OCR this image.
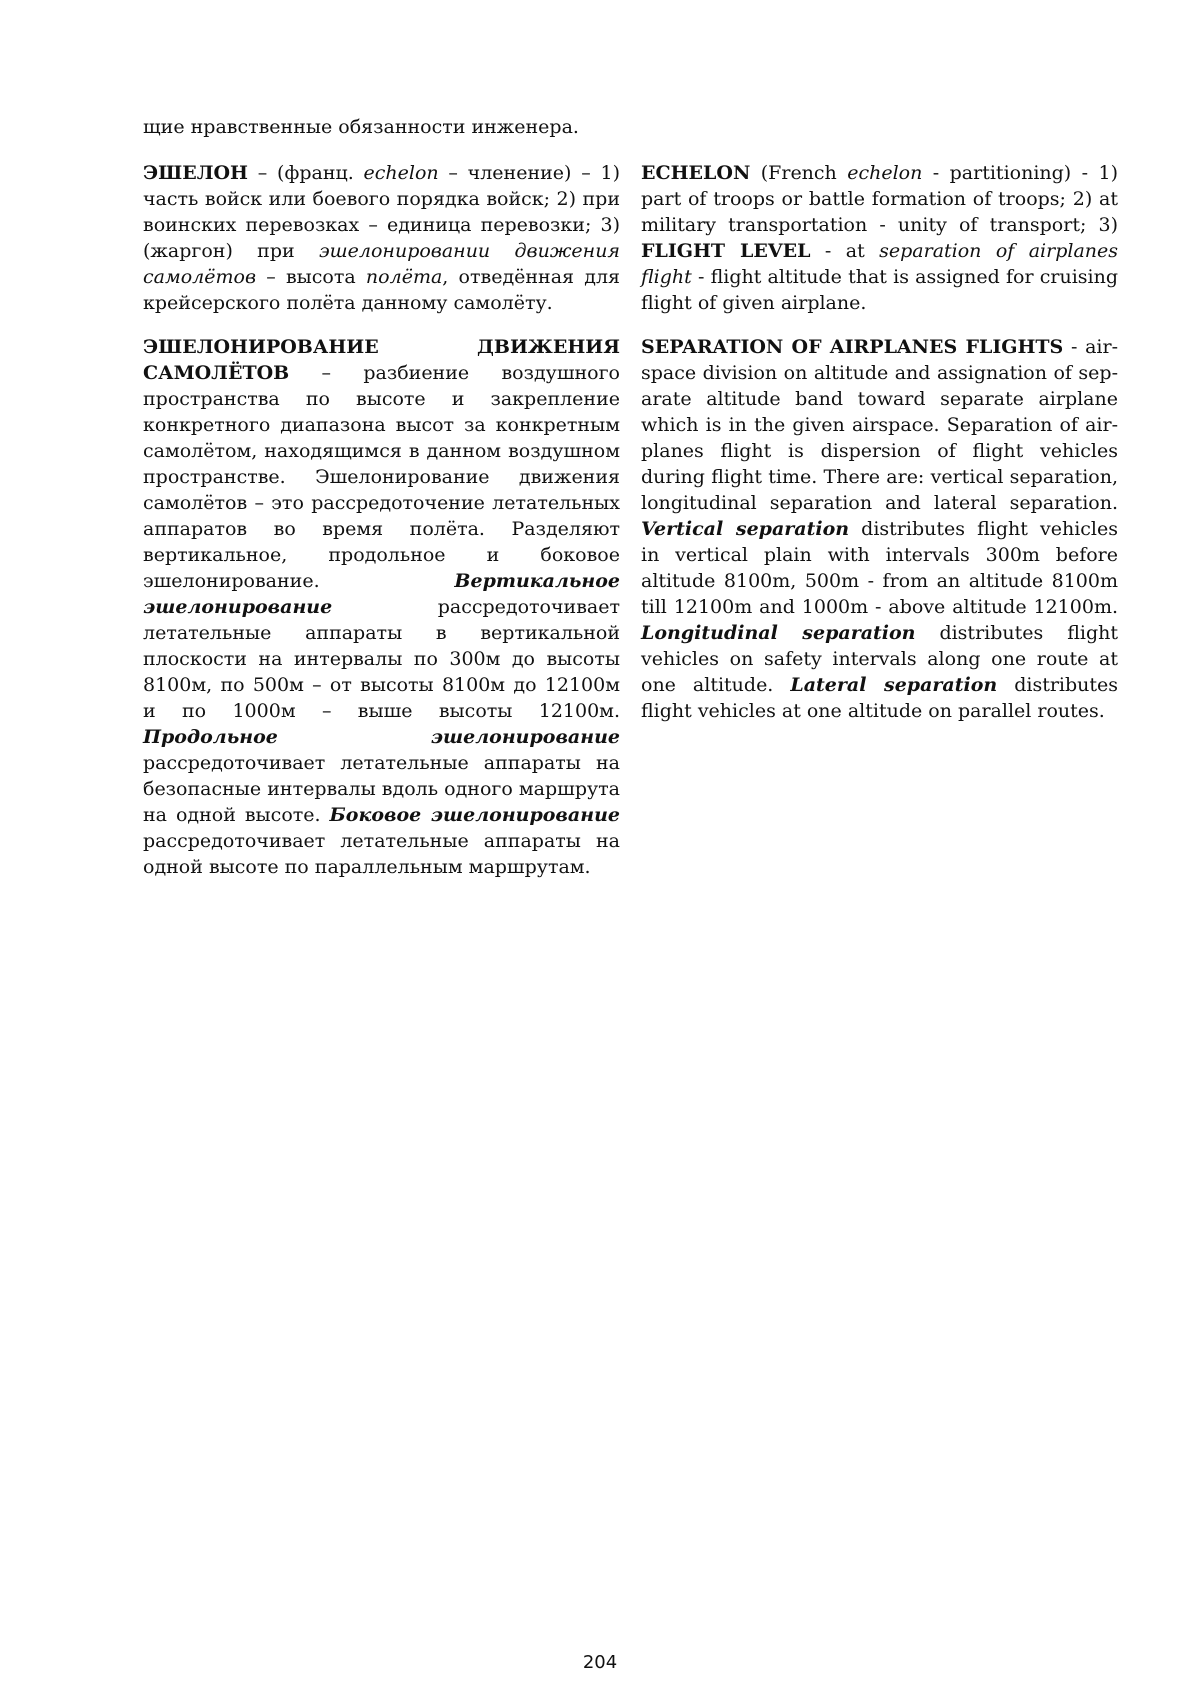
щие нравственные обязанности инженера.

ЭШЕЛОН – (франц. echelon – членение) – 1) часть войск или боевого порядка войск; 2) при воинских перевозках – единица перевозки; 3) (жаргон) при эшелонировании движения самолётов – высота полёта, отведённая для крейсерского полёта данному самолёту.

ЭШЕЛОНИРОВАНИЕ ДВИЖЕНИЯ САМОЛЁТОВ – разбиение воздушного пространства по высоте и закрепление конкретного диапазона высот за конкретным самолётом, находящимся в данном воздушном пространстве. Эшелонирование движения самолётов – это рассредоточение летательных аппаратов во время полёта. Разделяют вертикальное, продольное и боковое эшелонирование. Вертикальное эшелонирование рассредоточивает летательные аппараты в вертикальной плоскости на интервалы по 300м до высоты 8100м, по 500м – от высоты 8100м до 12100м и по 1000м – выше высоты 12100м. Продольное эшелонирование рассредоточивает летательные аппараты на безопасные интервалы вдоль одного маршрута на одной высоте. Боковое эшелонирование рассредоточивает летательные аппараты на одной высоте по параллельным маршрутам.

ECHELON (French echelon - partitioning) - 1) part of troops or battle formation of troops; 2) at military transportation - unity of transport; 3) FLIGHT LEVEL - at separation of airplanes flight - flight altitude that is assigned for cruising flight of given airplane.

SEPARATION OF AIRPLANES FLIGHTS - airspace division on altitude and assignation of separate altitude band toward separate airplane which is in the given airspace. Separation of airplanes flight is dispersion of flight vehicles during flight time. There are: vertical separation, longitudinal separation and lateral separation. Vertical separation distributes flight vehicles in vertical plain with intervals 300m before altitude 8100m, 500m - from an altitude 8100m till 12100m and 1000m - above altitude 12100m. Longitudinal separation distributes flight vehicles on safety intervals along one route at one altitude. Lateral separation distributes flight vehicles at one altitude on parallel routes.

204
